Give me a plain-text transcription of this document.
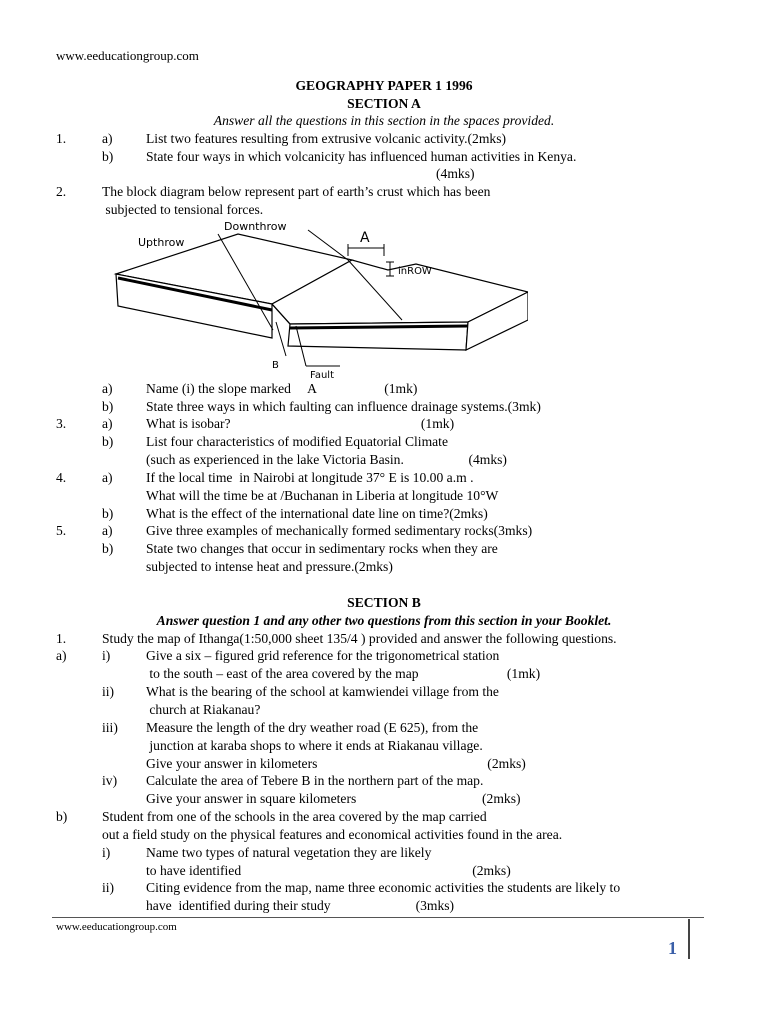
www.eeducationgroup.com
GEOGRAPHY PAPER 1 1996
SECTION A
Answer all the questions in this section in the spaces provided.
1.	a) List two features resulting from extrusive volcanic activity.(2mks)
b) State four ways in which volcanicity has influenced human activities in Kenya.
(4mks)
2.	The block diagram below represent part of earth’s crust which has been
subjected to tensional forces.
a) Name (i) the slope marked     A                    (1mk)
b) State three ways in which faulting can influence drainage systems.(3mk)
3.	a) What is isobar?                                                        (1mk)
b) List four characteristics of modified Equatorial Climate
(such as experienced in the lake Victoria Basin.                   (4mks)
4.	a) If the local time  in Nairobi at longitude 37° E is 10.00 a.m .
What will the time be at /Buchanan in Liberia at longitude 10°W
b) What is the effect of the international date line on time?(2mks)
5.	a) Give three examples of mechanically formed sedimentary rocks(3mks)
b) State two changes that occur in sedimentary rocks when they are
subjected to intense heat and pressure.(2mks)
Downthrow
Upthrow	A
inROW
B
Fault
SECTION B
Answer question 1 and any other two questions from this section in your Booklet.
1.	Study the map of Ithanga(1:50,000 sheet 135/4 ) provided and answer the following questions.
a)	i)	Give a six – figured grid reference for the trigonometrical station
to the south – east of the area covered by the map                          (1mk)
ii) What is the bearing of the school at kamwiendei village from the
church at Riakanau?
iii) Measure the length of the dry weather road (E 625), from the
junction at karaba shops to where it ends at Riakanau village.
Give your answer in kilometers                                                  (2mks)
iv) Calculate the area of Tebere B in the northern part of the map.
Give your answer in square kilometers                                     (2mks)
b)	Student from one of the schools in the area covered by the map carried
out a field study on the physical features and economical activities found in the area.
i)	Name two types of natural vegetation they are likely
to have identified                                                                    (2mks)
ii) Citing evidence from the map, name three economic activities the students are likely to
have  identified during their study                         (3mks)
www.eeducationgroup.com
1
